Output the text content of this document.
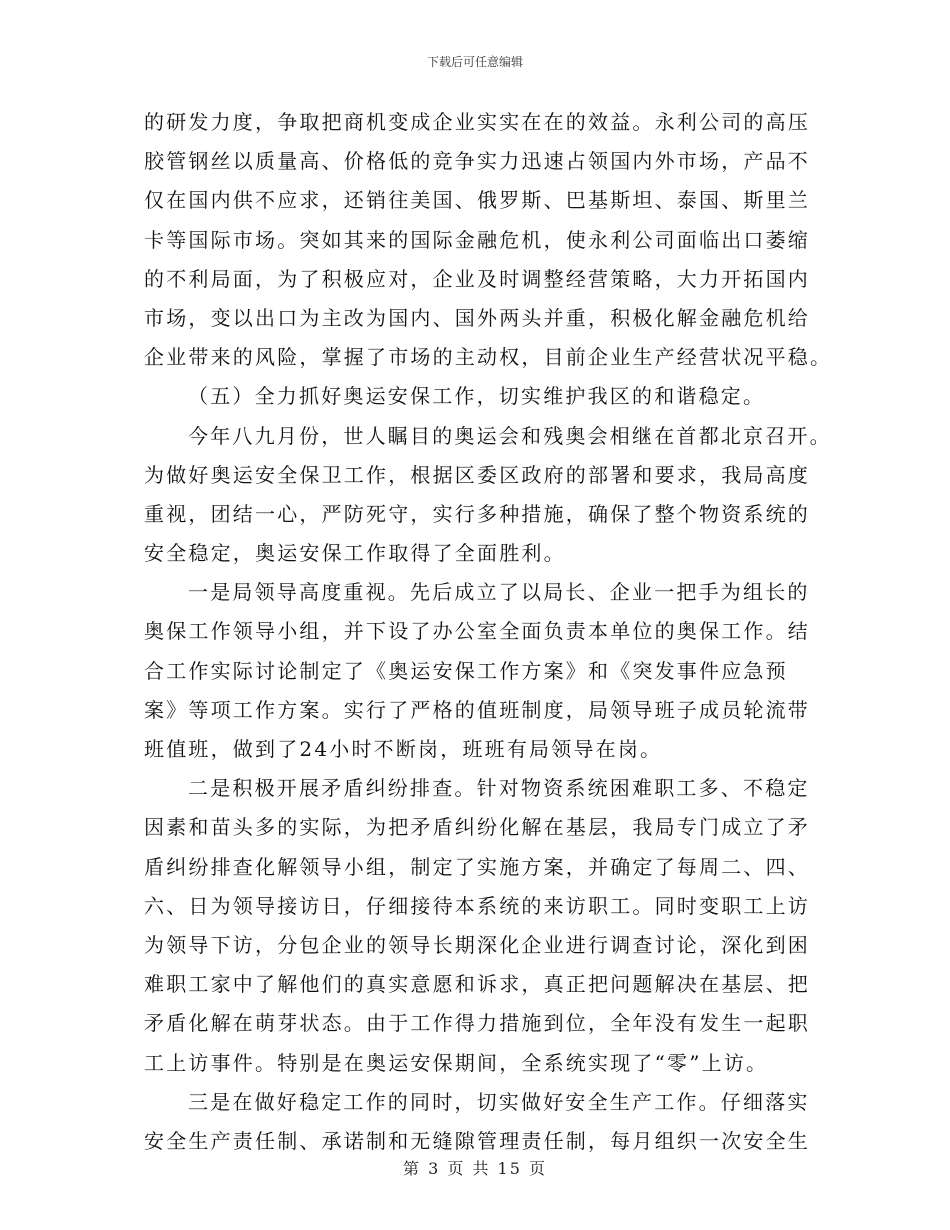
下载后可任意编辑
的研发力度，争取把商机变成企业实实在在的效益。永利公司的高压
胶管钢丝以质量高、价格低的竞争实力迅速占领国内外市场，产品不
仅在国内供不应求，还销往美国、俄罗斯、巴基斯坦、泰国、斯里兰
卡等国际市场。突如其来的国际金融危机，使永利公司面临出口萎缩
的不利局面，为了积极应对，企业及时调整经营策略，大力开拓国内
市场，变以出口为主改为国内、国外两头并重，积极化解金融危机给
企业带来的风险，掌握了市场的主动权，目前企业生产经营状况平稳。
（五）全力抓好奥运安保工作，切实维护我区的和谐稳定。
今年八九月份，世人瞩目的奥运会和残奥会相继在首都北京召开。
为做好奥运安全保卫工作，根据区委区政府的部署和要求，我局高度
重视，团结一心，严防死守，实行多种措施，确保了整个物资系统的
安全稳定，奥运安保工作取得了全面胜利。
一是局领导高度重视。先后成立了以局长、企业一把手为组长的
奥保工作领导小组，并下设了办公室全面负责本单位的奥保工作。结
合工作实际讨论制定了《奥运安保工作方案》和《突发事件应急预
案》等项工作方案。实行了严格的值班制度，局领导班子成员轮流带
班值班，做到了24小时不断岗，班班有局领导在岗。
二是积极开展矛盾纠纷排查。针对物资系统困难职工多、不稳定
因素和苗头多的实际，为把矛盾纠纷化解在基层，我局专门成立了矛
盾纠纷排查化解领导小组，制定了实施方案，并确定了每周二、四、
六、日为领导接访日，仔细接待本系统的来访职工。同时变职工上访
为领导下访，分包企业的领导长期深化企业进行调查讨论，深化到困
难职工家中了解他们的真实意愿和诉求，真正把问题解决在基层、把
矛盾化解在萌芽状态。由于工作得力措施到位，全年没有发生一起职
工上访事件。特别是在奥运安保期间，全系统实现了“零”上访。
三是在做好稳定工作的同时，切实做好安全生产工作。仔细落实
安全生产责任制、承诺制和无缝隙管理责任制，每月组织一次安全生
第 3 页 共 15 页
